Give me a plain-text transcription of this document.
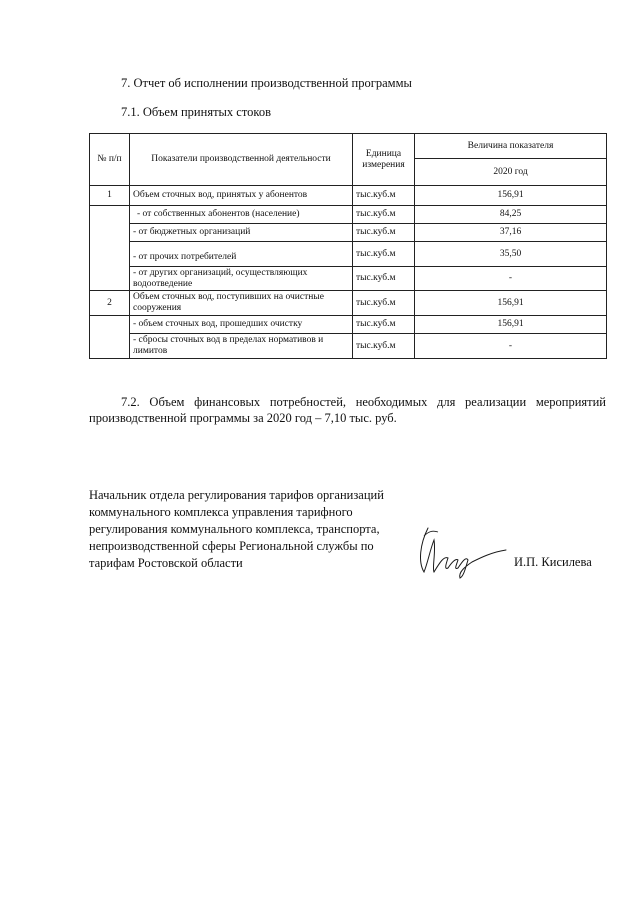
7. Отчет об исполнении производственной программы
7.1. Объем принятых стоков
№ п/п	Показатели производственной деятельности	Единица измерения	Величина показателя
			2020 год
1	Объем сточных вод, принятых у абонентов	тыс.куб.м	156,91
	- от собственных абонентов (население)	тыс.куб.м	84,25
	- от бюджетных организаций	тыс.куб.м	37,16
	- от прочих потребителей	тыс.куб.м	35,50
	- от других организаций, осуществляющих водоотведение	тыс.куб.м	-
2	Объем сточных вод, поступивших на очистные сооружения	тыс.куб.м	156,91
	- объем сточных вод, прошедших очистку	тыс.куб.м	156,91
	- сбросы сточных вод в пределах нормативов и лимитов	тыс.куб.м	-
7.2. Объем финансовых потребностей, необходимых для реализации мероприятий производственной программы за 2020 год – 7,10 тыс. руб.
Начальник отдела регулирования тарифов организаций
коммунального комплекса управления тарифного
регулирования коммунального комплекса, транспорта,
непроизводственной сферы Региональной службы по
тарифам Ростовской области	И.П. Кисилева
